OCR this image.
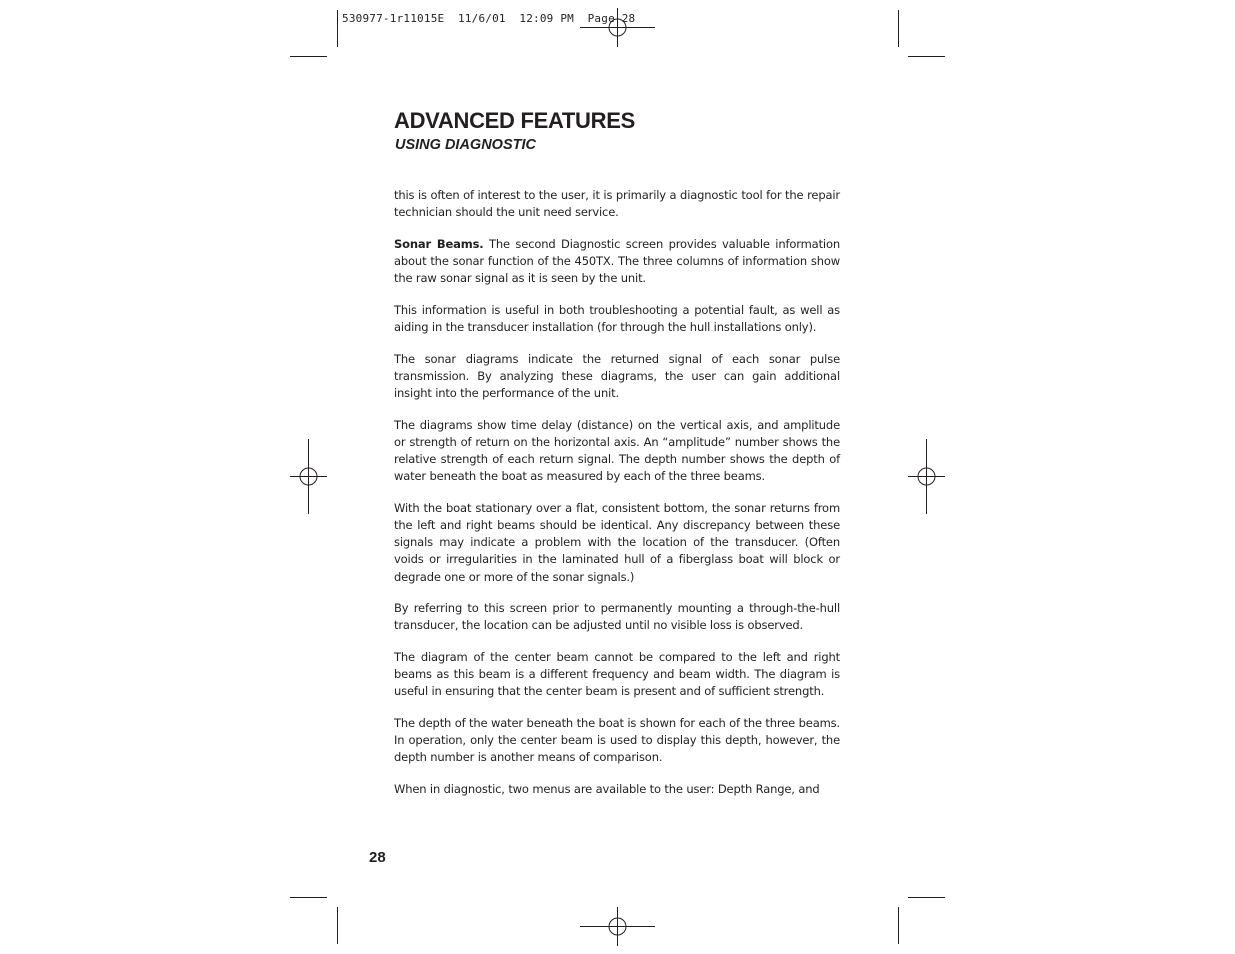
530977-1r11015E  11/6/01  12:09 PM  Page 28
ADVANCED FEATURES
USING DIAGNOSTIC

this is often of interest to the user, it is primarily a diagnostic tool for the repair technician should the unit need service.

Sonar Beams. The second Diagnostic screen provides valuable information about the sonar function of the 450TX. The three columns of information show the raw sonar signal as it is seen by the unit.

This information is useful in both troubleshooting a potential fault, as well as aiding in the transducer installation (for through the hull installations only).

The sonar diagrams indicate the returned signal of each sonar pulse transmission. By analyzing these diagrams, the user can gain additional insight into the performance of the unit.

The diagrams show time delay (distance) on the vertical axis, and amplitude or strength of return on the horizontal axis. An “amplitude” number shows the relative strength of each return signal. The depth number shows the depth of water beneath the boat as measured by each of the three beams.

With the boat stationary over a flat, consistent bottom, the sonar returns from the left and right beams should be identical. Any discrepancy between these signals may indicate a problem with the location of the transducer. (Often voids or irregularities in the laminated hull of a fiberglass boat will block or degrade one or more of the sonar signals.)

By referring to this screen prior to permanently mounting a through-the-hull transducer, the location can be adjusted until no visible loss is observed.

The diagram of the center beam cannot be compared to the left and right beams as this beam is a different frequency and beam width. The diagram is useful in ensuring that the center beam is present and of sufficient strength.

The depth of the water beneath the boat is shown for each of the three beams. In operation, only the center beam is used to display this depth, however, the depth number is another means of comparison.

When in diagnostic, two menus are available to the user: Depth Range, and

28
